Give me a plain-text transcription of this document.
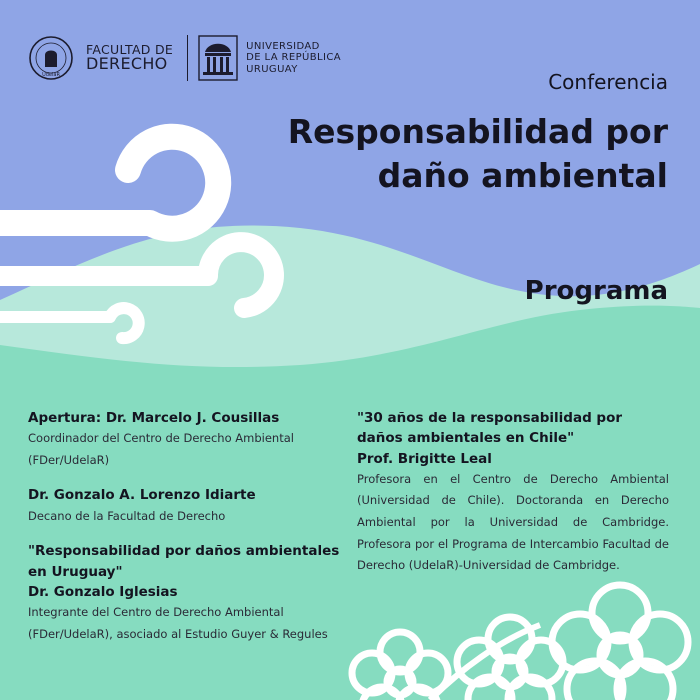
UdelaR
FACULTAD DE
DERECHO
UNIVERSIDAD
DE LA REPÚBLICA
URUGUAY
Conferencia
Responsabilidad por
daño ambiental
Programa
Apertura: Dr. Marcelo J. Cousillas
Coordinador del Centro de Derecho Ambiental (FDer/UdelaR)
Dr. Gonzalo A. Lorenzo Idiarte
Decano de la Facultad de Derecho
"Responsabilidad por daños ambientales en Uruguay"
Dr. Gonzalo Iglesias
Integrante del Centro de Derecho Ambiental (FDer/UdelaR), asociado al Estudio Guyer & Regules
"30 años de la responsabilidad por daños ambientales en Chile"
Prof. Brigitte Leal
Profesora en el Centro de Derecho Ambiental (Universidad de Chile). Doctoranda en Derecho Ambiental por la Universidad de Cambridge. Profesora por el Programa de Intercambio Facultad de Derecho (UdelaR)-Universidad de Cambridge.
